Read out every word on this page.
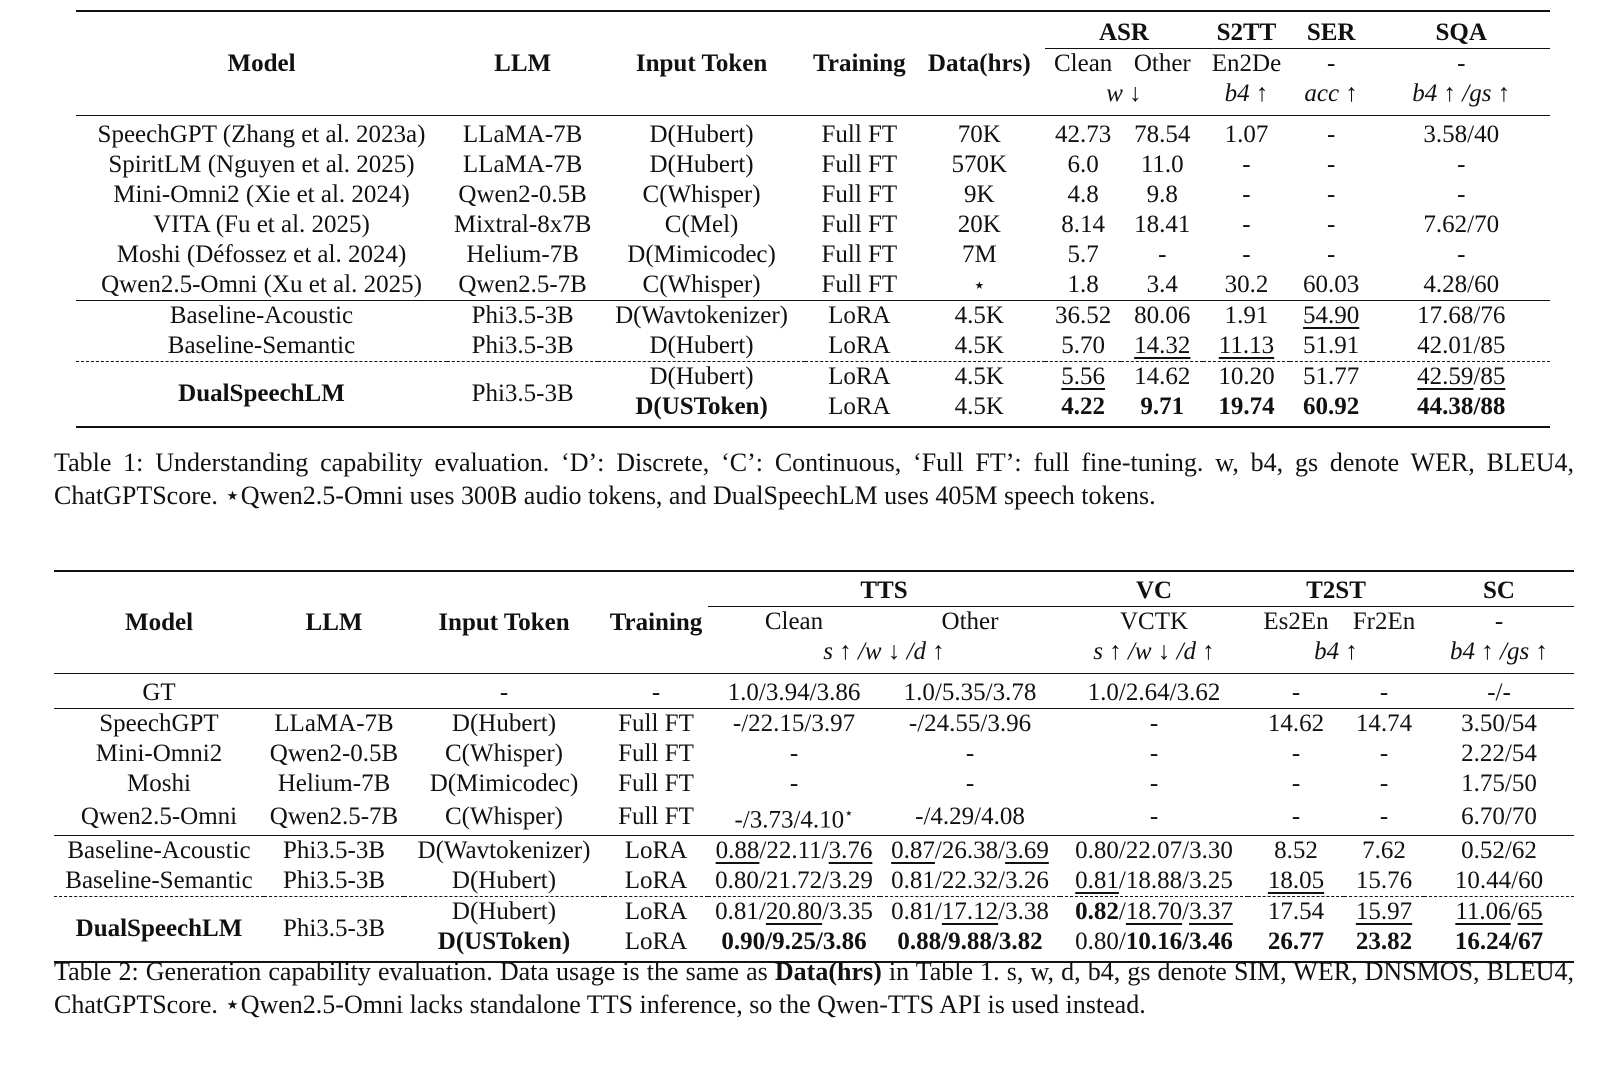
Model	LLM	Input Token	Training	Data(hrs)	ASR		S2TT	SER	SQA
					Clean	Other	En2De	-	-
					w ↓		b4 ↑	acc ↑	b4 ↑ /gs ↑
SpeechGPT (Zhang et al. 2023a)	LLaMA-7B	D(Hubert)	Full FT	70K	42.73	78.54	1.07	-	3.58/40
SpiritLM (Nguyen et al. 2025)	LLaMA-7B	D(Hubert)	Full FT	570K	6.0	11.0	-	-	-
Mini-Omni2 (Xie et al. 2024)	Qwen2-0.5B	C(Whisper)	Full FT	9K	4.8	9.8	-	-	-
VITA (Fu et al. 2025)	Mixtral-8x7B	C(Mel)	Full FT	20K	8.14	18.41	-	-	7.62/70
Moshi (Défossez et al. 2024)	Helium-7B	D(Mimicodec)	Full FT	7M	5.7	-	-	-	-
Qwen2.5-Omni (Xu et al. 2025)	Qwen2.5-7B	C(Whisper)	Full FT	⋆	1.8	3.4	30.2	60.03	4.28/60
Baseline-Acoustic	Phi3.5-3B	D(Wavtokenizer)	LoRA	4.5K	36.52	80.06	1.91	54.90	17.68/76
Baseline-Semantic	Phi3.5-3B	D(Hubert)	LoRA	4.5K	5.70	14.32	11.13	51.91	42.01/85
DualSpeechLM	Phi3.5-3B	D(Hubert)	LoRA	4.5K	5.56	14.62	10.20	51.77	42.59/85
		D(USToken)	LoRA	4.5K	4.22	9.71	19.74	60.92	44.38/88
Table 1: Understanding capability evaluation. ‘D’: Discrete, ‘C’: Continuous, ‘Full FT’: full fine-tuning. w, b4, gs denote WER, BLEU4, ChatGPTScore. ⋆Qwen2.5-Omni uses 300B audio tokens, and DualSpeechLM uses 405M speech tokens.
Model	LLM	Input Token	Training	TTS		VC	T2ST		SC
				Clean	Other	VCTK	Es2En	Fr2En	-
				s ↑ /w ↓ /d ↑		s ↑ /w ↓ /d ↑	b4 ↑		b4 ↑ /gs ↑
GT		-	-	1.0/3.94/3.86	1.0/5.35/3.78	1.0/2.64/3.62	-	-	-/-
SpeechGPT	LLaMA-7B	D(Hubert)	Full FT	-/22.15/3.97	-/24.55/3.96	-	14.62	14.74	3.50/54
Mini-Omni2	Qwen2-0.5B	C(Whisper)	Full FT	-	-	-	-	-	2.22/54
Moshi	Helium-7B	D(Mimicodec)	Full FT	-	-	-	-	-	1.75/50
Qwen2.5-Omni	Qwen2.5-7B	C(Whisper)	Full FT	-/3.73/4.10⋆	-/4.29/4.08	-	-	-	6.70/70
Baseline-Acoustic	Phi3.5-3B	D(Wavtokenizer)	LoRA	0.88/22.11/3.76	0.87/26.38/3.69	0.80/22.07/3.30	8.52	7.62	0.52/62
Baseline-Semantic	Phi3.5-3B	D(Hubert)	LoRA	0.80/21.72/3.29	0.81/22.32/3.26	0.81/18.88/3.25	18.05	15.76	10.44/60
DualSpeechLM	Phi3.5-3B	D(Hubert)	LoRA	0.81/20.80/3.35	0.81/17.12/3.38	0.82/18.70/3.37	17.54	15.97	11.06/65
		D(USToken)	LoRA	0.90/9.25/3.86	0.88/9.88/3.82	0.80/10.16/3.46	26.77	23.82	16.24/67
Table 2: Generation capability evaluation. Data usage is the same as Data(hrs) in Table 1. s, w, d, b4, gs denote SIM, WER, DNSMOS, BLEU4, ChatGPTScore. ⋆Qwen2.5-Omni lacks standalone TTS inference, so the Qwen-TTS API is used instead.
